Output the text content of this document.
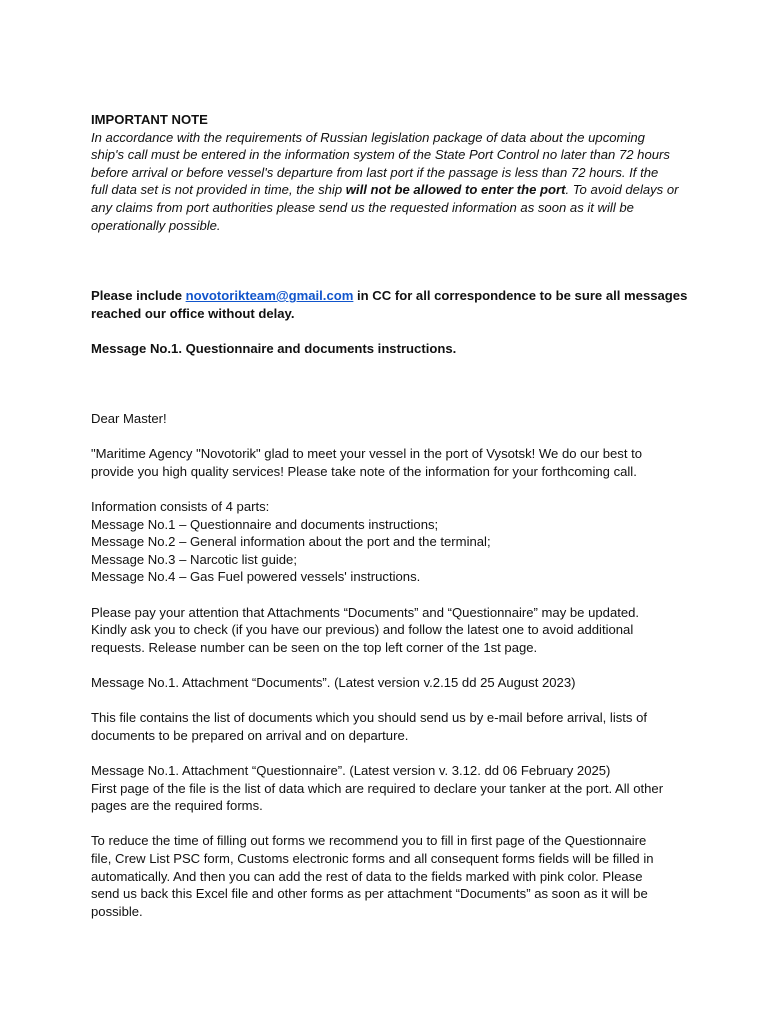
IMPORTANT NOTE
In accordance with the requirements of Russian legislation package of data about the upcoming
ship's call must be entered in the information system of the State Port Control no later than 72 hours
before arrival or before vessel's departure from last port if the passage is less than 72 hours. If the
full data set is not provided in time, the ship will not be allowed to enter the port. To avoid delays or
any claims from port authorities please send us the requested information as soon as it will be
operationally possible.
Please include novotorikteam@gmail.com in CC for all correspondence to be sure all messages
reached our office without delay.
Message No.1. Questionnaire and documents instructions.
Dear Master!
"Maritime Agency "Novotorik" glad to meet your vessel in the port of Vysotsk! We do our best to
provide you high quality services! Please take note of the information for your forthcoming call.
Information consists of 4 parts:
Message No.1 – Questionnaire and documents instructions;
Message No.2 – General information about the port and the terminal;
Message No.3 – Narcotic list guide;
Message No.4 – Gas Fuel powered vessels' instructions.
Please pay your attention that Attachments “Documents” and “Questionnaire” may be updated.
Kindly ask you to check (if you have our previous) and follow the latest one to avoid additional
requests. Release number can be seen on the top left corner of the 1st page.
Message No.1. Attachment “Documents”. (Latest version v.2.15 dd 25 August 2023)
This file contains the list of documents which you should send us by e-mail before arrival, lists of
documents to be prepared on arrival and on departure.
Message No.1. Attachment “Questionnaire”. (Latest version v. 3.12. dd 06 February 2025)
First page of the file is the list of data which are required to declare your tanker at the port. All other
pages are the required forms.
To reduce the time of filling out forms we recommend you to fill in first page of the Questionnaire
file, Crew List PSC form, Customs electronic forms and all consequent forms fields will be filled in
automatically. And then you can add the rest of data to the fields marked with pink color. Please
send us back this Excel file and other forms as per attachment “Documents” as soon as it will be
possible.
